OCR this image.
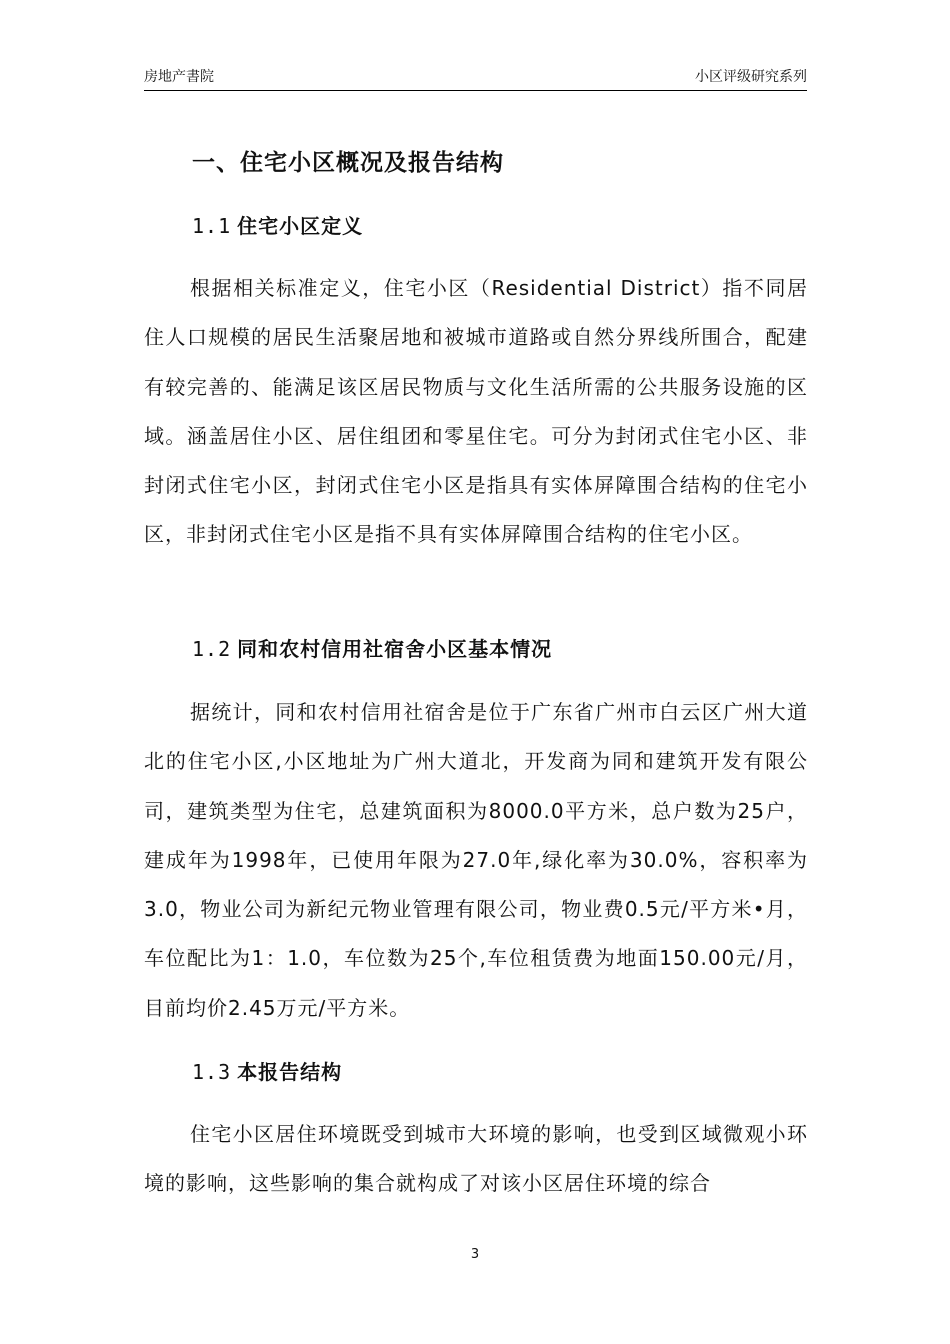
房地产書院	小区评级研究系列
一、住宅小区概况及报告结构
1.1 住宅小区定义

根据相关标准定义，住宅小区（Residential District）指不同居住人口规模的居民生活聚居地和被城市道路或自然分界线所围合，配建有较完善的、能满足该区居民物质与文化生活所需的公共服务设施的区域。涵盖居住小区、居住组团和零星住宅。可分为封闭式住宅小区、非封闭式住宅小区，封闭式住宅小区是指具有实体屏障围合结构的住宅小区，非封闭式住宅小区是指不具有实体屏障围合结构的住宅小区。

1.2 同和农村信用社宿舍小区基本情况

据统计，同和农村信用社宿舍是位于广东省广州市白云区广州大道北的住宅小区,小区地址为广州大道北，开发商为同和建筑开发有限公司，建筑类型为住宅，总建筑面积为8000.0平方米，总户数为25户，建成年为1998年，已使用年限为27.0年,绿化率为30.0%，容积率为3.0，物业公司为新纪元物业管理有限公司，物业费0.5元/平方米•月，车位配比为1：1.0，车位数为25个,车位租赁费为地面150.00元/月，目前均价2.45万元/平方米。

1.3 本报告结构

住宅小区居住环境既受到城市大环境的影响，也受到区域微观小环境的影响，这些影响的集合就构成了对该小区居住环境的综合

3
